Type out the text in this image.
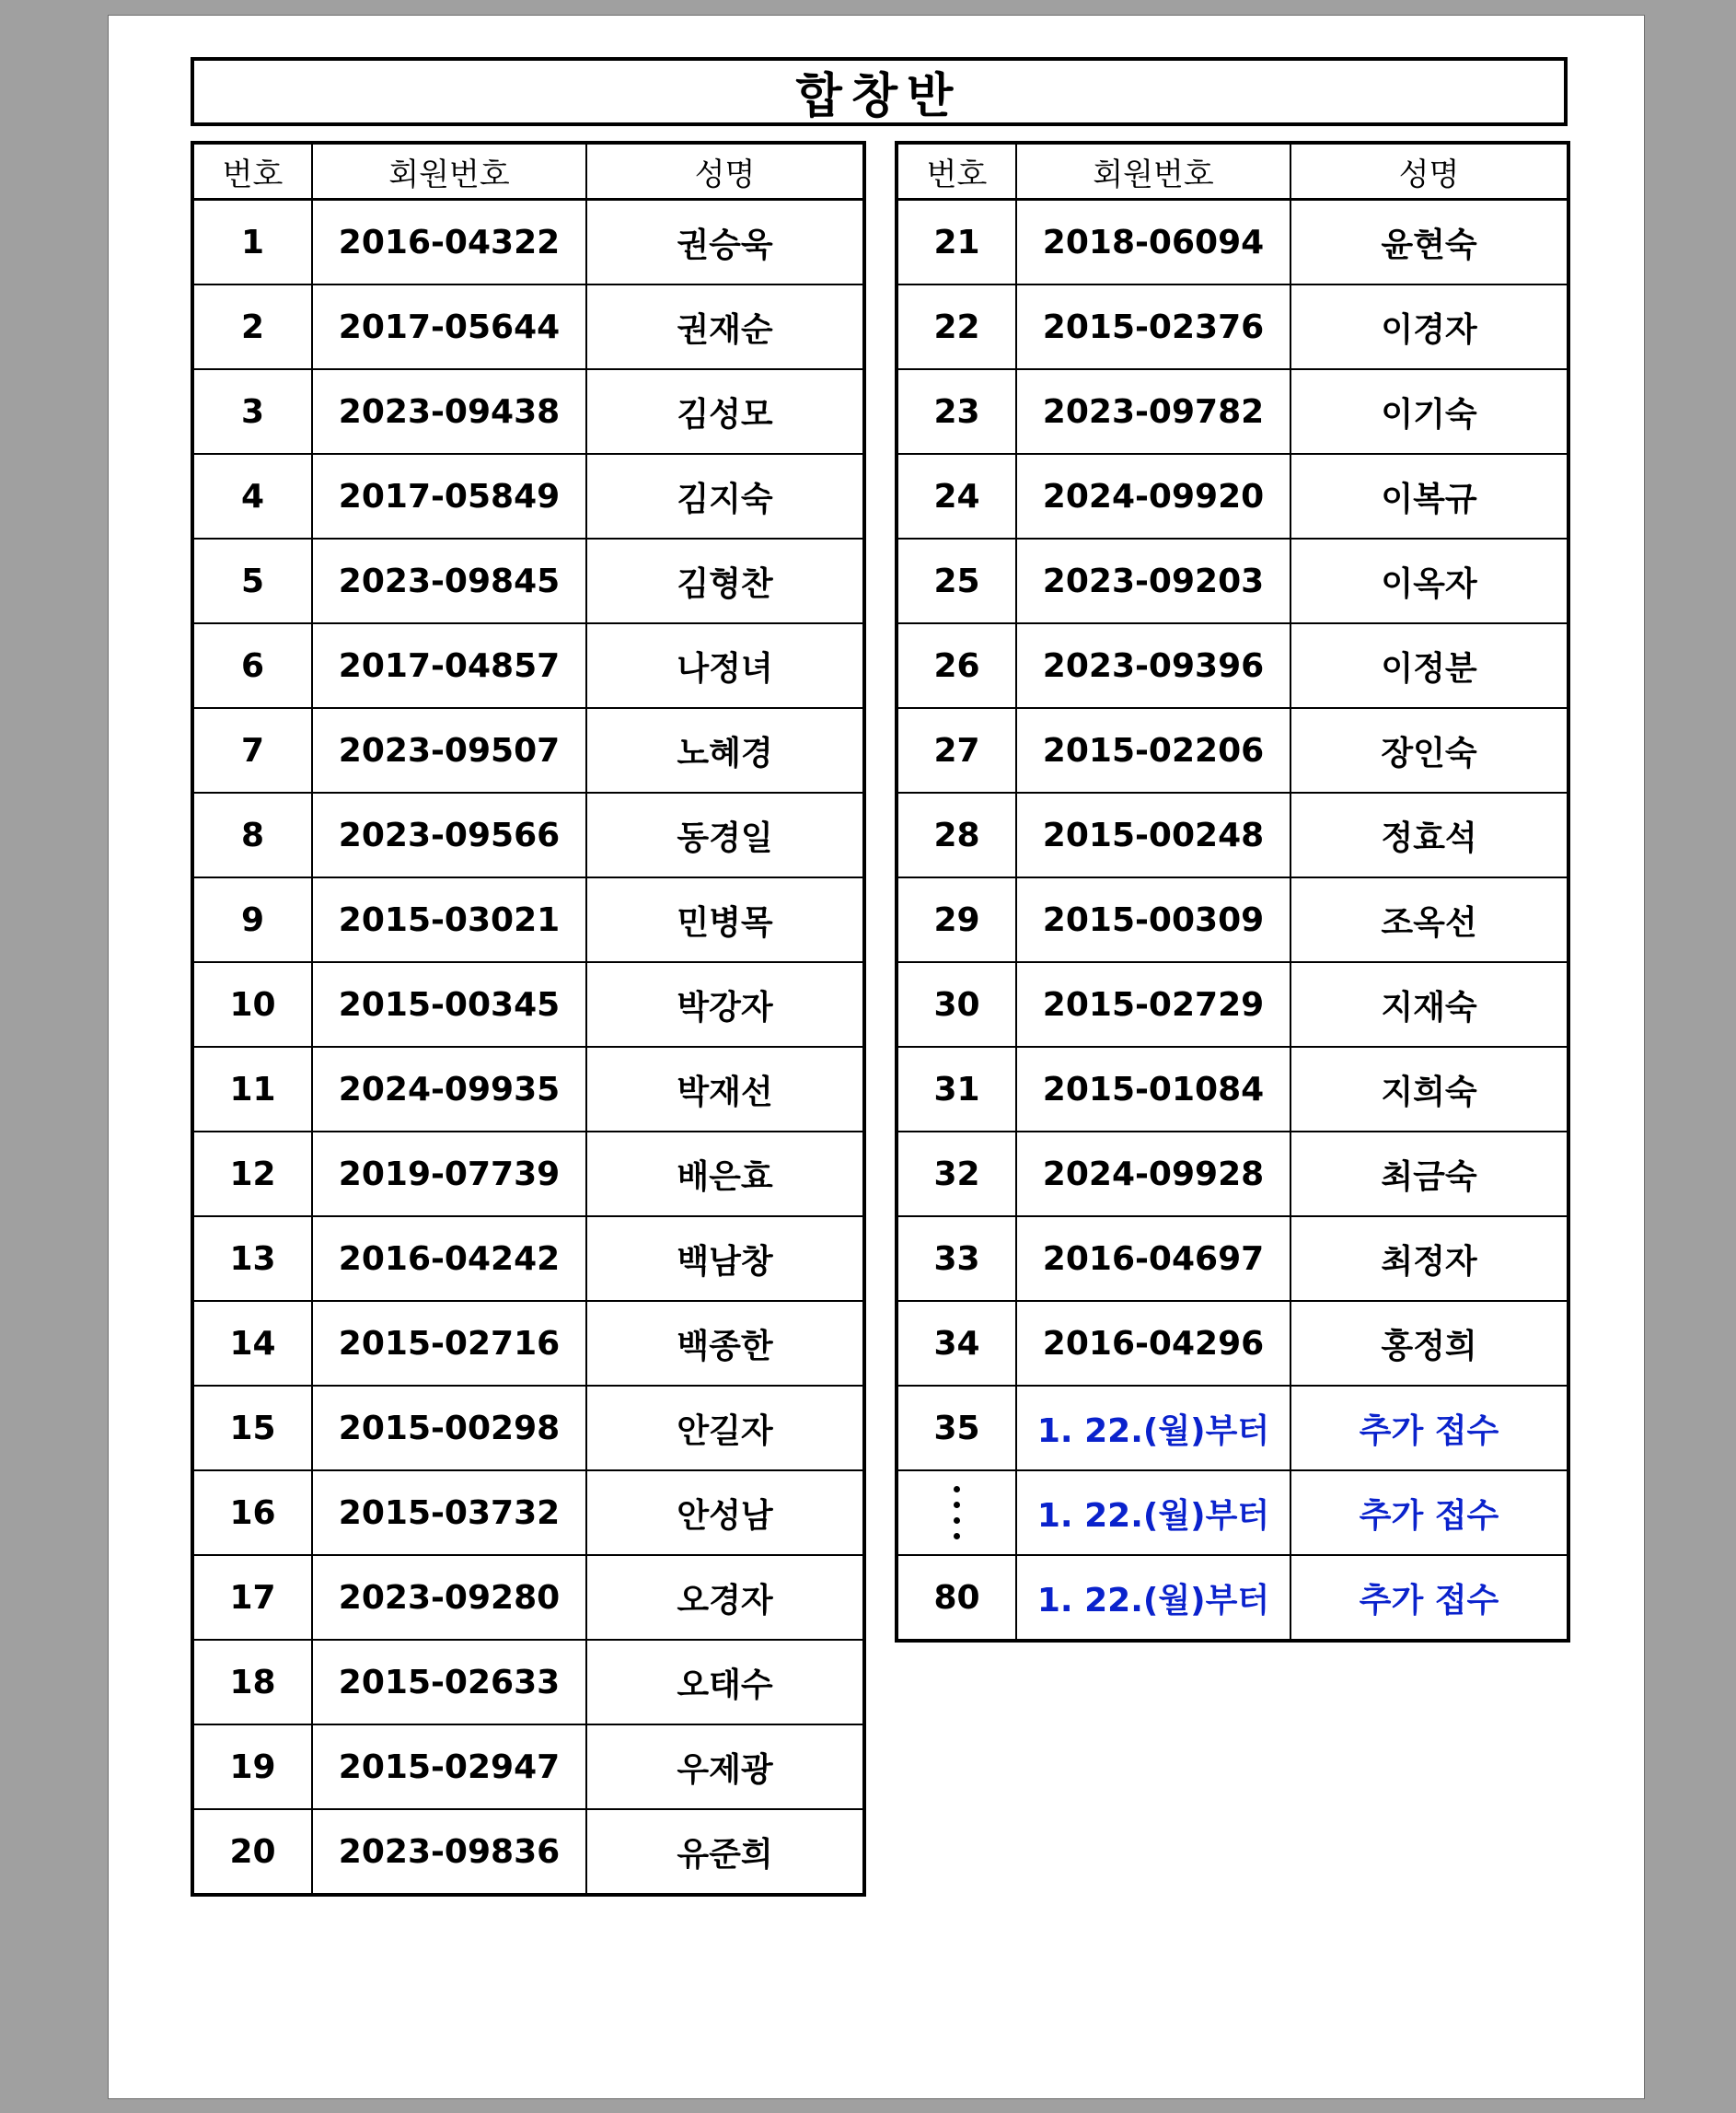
합창반
번호	회원번호	성명
1	2016-04322	권승욱
2	2017-05644	권재순
3	2023-09438	김성모
4	2017-05849	김지숙
5	2023-09845	김형찬
6	2017-04857	나정녀
7	2023-09507	노혜경
8	2023-09566	동경일
9	2015-03021	민병목
10	2015-00345	박강자
11	2024-09935	박재선
12	2019-07739	배은효
13	2016-04242	백남창
14	2015-02716	백종한
15	2015-00298	안길자
16	2015-03732	안성남
17	2023-09280	오경자
18	2015-02633	오태수
19	2015-02947	우제광
20	2023-09836	유준희
번호	회원번호	성명
21	2018-06094	윤현숙
22	2015-02376	이경자
23	2023-09782	이기숙
24	2024-09920	이복규
25	2023-09203	이옥자
26	2023-09396	이정분
27	2015-02206	장인숙
28	2015-00248	정효석
29	2015-00309	조옥선
30	2015-02729	지재숙
31	2015-01084	지희숙
32	2024-09928	최금숙
33	2016-04697	최정자
34	2016-04296	홍정희
35	1. 22.(월)부터	추가 접수

	1. 22.(월)부터	추가 접수

80	1. 22.(월)부터	추가 접수
